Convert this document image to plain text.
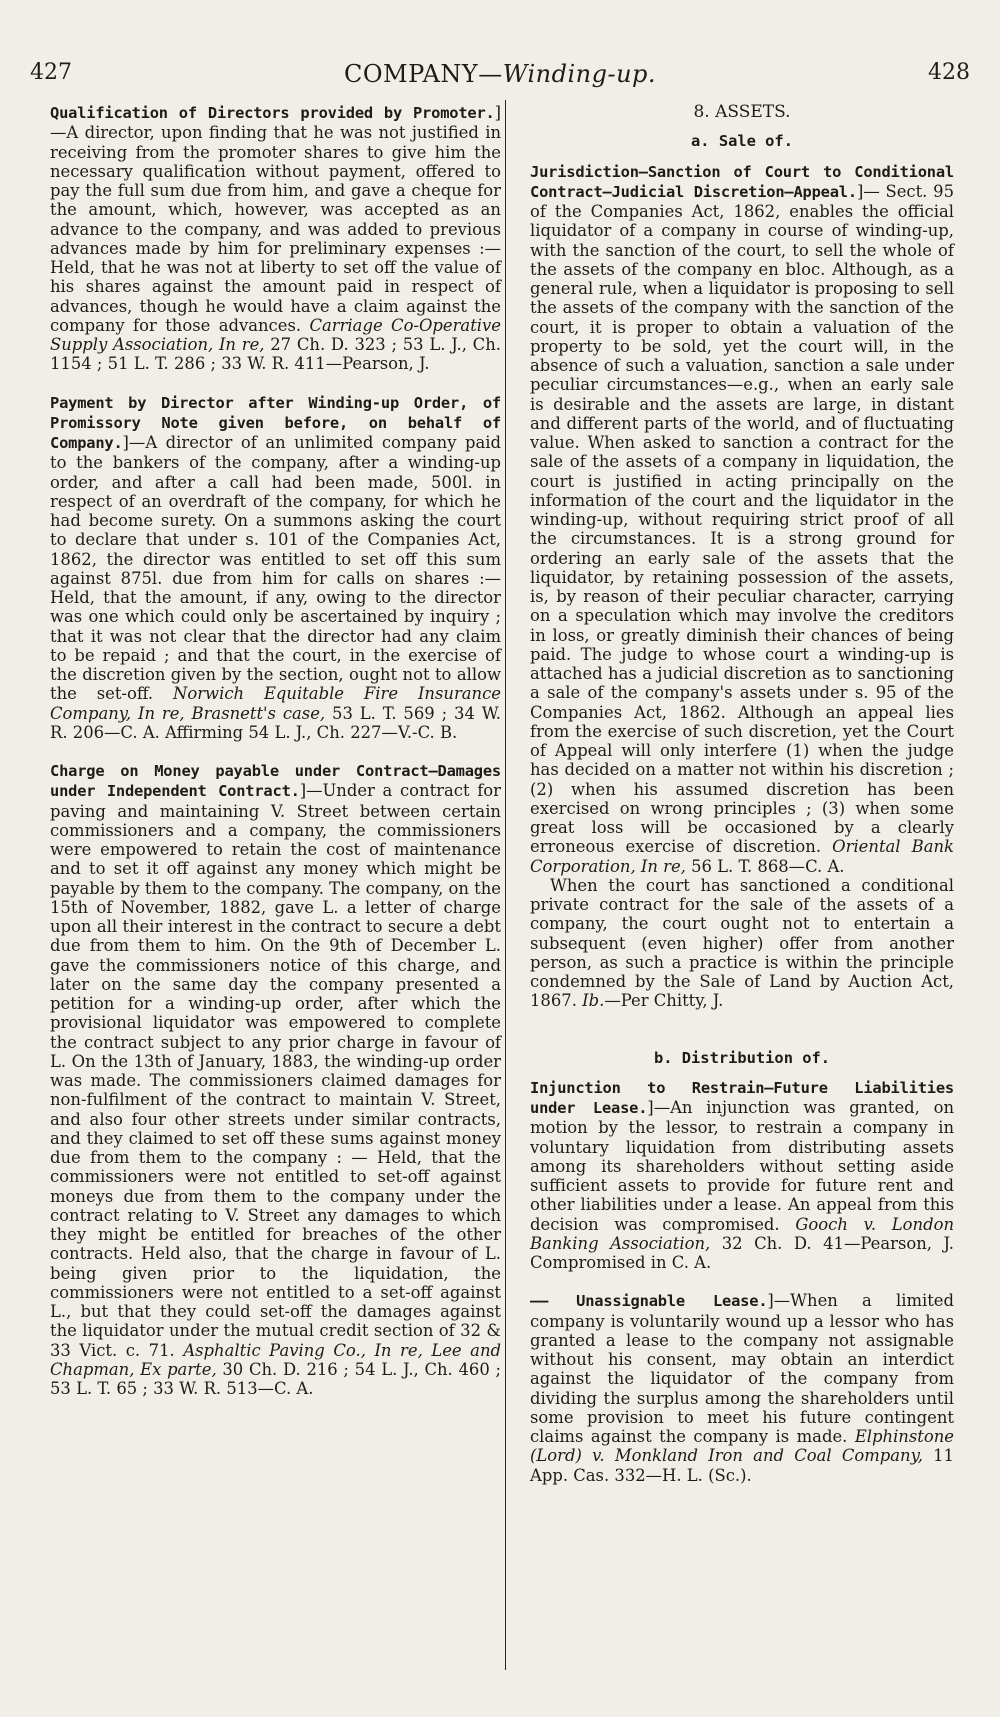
427	COMPANY—Winding-up.	428

Qualification of Directors provided by Promoter.]—A director, upon finding that he was not justified in receiving from the promoter shares to give him the necessary qualification without payment, offered to pay the full sum due from him, and gave a cheque for the amount, which, however, was accepted as an advance to the company, and was added to previous advances made by him for preliminary expenses :—Held, that he was not at liberty to set off the value of his shares against the amount paid in respect of advances, though he would have a claim against the company for those advances. Carriage Co-Operative Supply Association, In re, 27 Ch. D. 323 ; 53 L. J., Ch. 1154 ; 51 L. T. 286 ; 33 W. R. 411—Pearson, J.

Payment by Director after Winding-up Order, of Promissory Note given before, on behalf of Company.]—A director of an unlimited company paid to the bankers of the company, after a winding-up order, and after a call had been made, 500l. in respect of an overdraft of the company, for which he had become surety. On a summons asking the court to declare that under s. 101 of the Companies Act, 1862, the director was entitled to set off this sum against 875l. due from him for calls on shares :—Held, that the amount, if any, owing to the director was one which could only be ascertained by inquiry ; that it was not clear that the director had any claim to be repaid ; and that the court, in the exercise of the discretion given by the section, ought not to allow the set-off. Norwich Equitable Fire Insurance Company, In re, Brasnett's case, 53 L. T. 569 ; 34 W. R. 206—C. A. Affirming 54 L. J., Ch. 227—V.-C. B.

Charge on Money payable under Contract—Damages under Independent Contract.]—Under a contract for paving and maintaining V. Street between certain commissioners and a company, the commissioners were empowered to retain the cost of maintenance and to set it off against any money which might be payable by them to the company. The company, on the 15th of November, 1882, gave L. a letter of charge upon all their interest in the contract to secure a debt due from them to him. On the 9th of December L. gave the commissioners notice of this charge, and later on the same day the company presented a petition for a winding-up order, after which the provisional liquidator was empowered to complete the contract subject to any prior charge in favour of L. On the 13th of January, 1883, the winding-up order was made. The commissioners claimed damages for non-fulfilment of the contract to maintain V. Street, and also four other streets under similar contracts, and they claimed to set off these sums against money due from them to the company : — Held, that the commissioners were not entitled to set-off against moneys due from them to the company under the contract relating to V. Street any damages to which they might be entitled for breaches of the other contracts. Held also, that the charge in favour of L. being given prior to the liquidation, the commissioners were not entitled to a set-off against L., but that they could set-off the damages against the liquidator under the mutual credit section of 32 & 33 Vict. c. 71. Asphaltic Paving Co., In re, Lee and Chapman, Ex parte, 30 Ch. D. 216 ; 54 L. J., Ch. 460 ; 53 L. T. 65 ; 33 W. R. 513—C. A.

8. ASSETS.

a. Sale of.

Jurisdiction—Sanction of Court to Conditional Contract—Judicial Discretion—Appeal.]— Sect. 95 of the Companies Act, 1862, enables the official liquidator of a company in course of winding-up, with the sanction of the court, to sell the whole of the assets of the company en bloc. Although, as a general rule, when a liquidator is proposing to sell the assets of the company with the sanction of the court, it is proper to obtain a valuation of the property to be sold, yet the court will, in the absence of such a valuation, sanction a sale under peculiar circumstances—e.g., when an early sale is desirable and the assets are large, in distant and different parts of the world, and of fluctuating value. When asked to sanction a contract for the sale of the assets of a company in liquidation, the court is justified in acting principally on the information of the court and the liquidator in the winding-up, without requiring strict proof of all the circumstances. It is a strong ground for ordering an early sale of the assets that the liquidator, by retaining possession of the assets, is, by reason of their peculiar character, carrying on a speculation which may involve the creditors in loss, or greatly diminish their chances of being paid. The judge to whose court a winding-up is attached has a judicial discretion as to sanctioning a sale of the company's assets under s. 95 of the Companies Act, 1862. Although an appeal lies from the exercise of such discretion, yet the Court of Appeal will only interfere (1) when the judge has decided on a matter not within his discretion ; (2) when his assumed discretion has been exercised on wrong principles ; (3) when some great loss will be occasioned by a clearly erroneous exercise of discretion. Oriental Bank Corporation, In re, 56 L. T. 868—C. A.

When the court has sanctioned a conditional private contract for the sale of the assets of a company, the court ought not to entertain a subsequent (even higher) offer from another person, as such a practice is within the principle condemned by the Sale of Land by Auction Act, 1867. Ib.—Per Chitty, J.

b. Distribution of.

Injunction to Restrain—Future Liabilities under Lease.]—An injunction was granted, on motion by the lessor, to restrain a company in voluntary liquidation from distributing assets among its shareholders without setting aside sufficient assets to provide for future rent and other liabilities under a lease. An appeal from this decision was compromised. Gooch v. London Banking Association, 32 Ch. D. 41—Pearson, J. Compromised in C. A.

—— Unassignable Lease.]—When a limited company is voluntarily wound up a lessor who has granted a lease to the company not assignable without his consent, may obtain an interdict against the liquidator of the company from dividing the surplus among the shareholders until some provision to meet his future contingent claims against the company is made. Elphinstone (Lord) v. Monkland Iron and Coal Company, 11 App. Cas. 332—H. L. (Sc.).
